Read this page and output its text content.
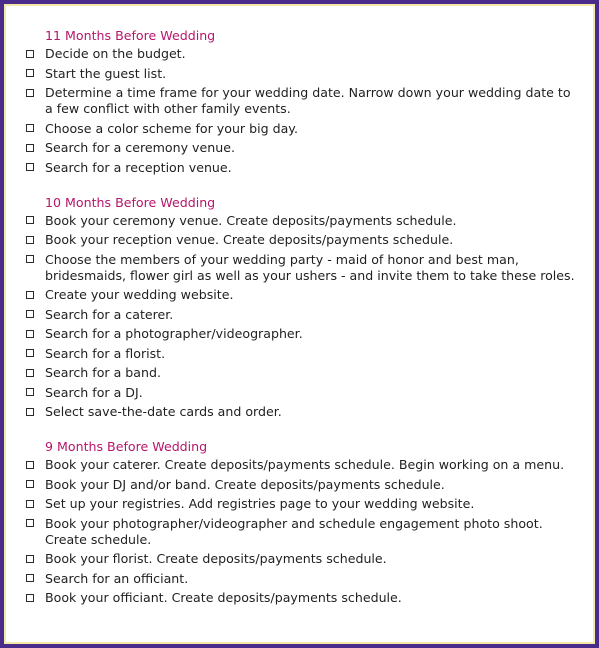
11 Months Before Wedding
Decide on the budget.
Start the guest list.
Determine a time frame for your wedding date. Narrow down your wedding date to a few conflict with other family events.
Choose a color scheme for your big day.
Search for a ceremony venue.
Search for a reception venue.
10 Months Before Wedding
Book your ceremony venue. Create deposits/payments schedule.
Book your reception venue. Create deposits/payments schedule.
Choose the members of your wedding party - maid of honor and best man, bridesmaids, flower girl as well as your ushers - and invite them to take these roles.
Create your wedding website.
Search for a caterer.
Search for a photographer/videographer.
Search for a florist.
Search for a band.
Search for a DJ.
Select save-the-date cards and order.
9 Months Before Wedding
Book your caterer. Create deposits/payments schedule. Begin working on a menu.
Book your DJ and/or band. Create deposits/payments schedule.
Set up your registries. Add registries page to your wedding website.
Book your photographer/videographer and schedule engagement photo shoot. Create schedule.
Book your florist. Create deposits/payments schedule.
Search for an officiant.
Book your officiant. Create deposits/payments schedule.
